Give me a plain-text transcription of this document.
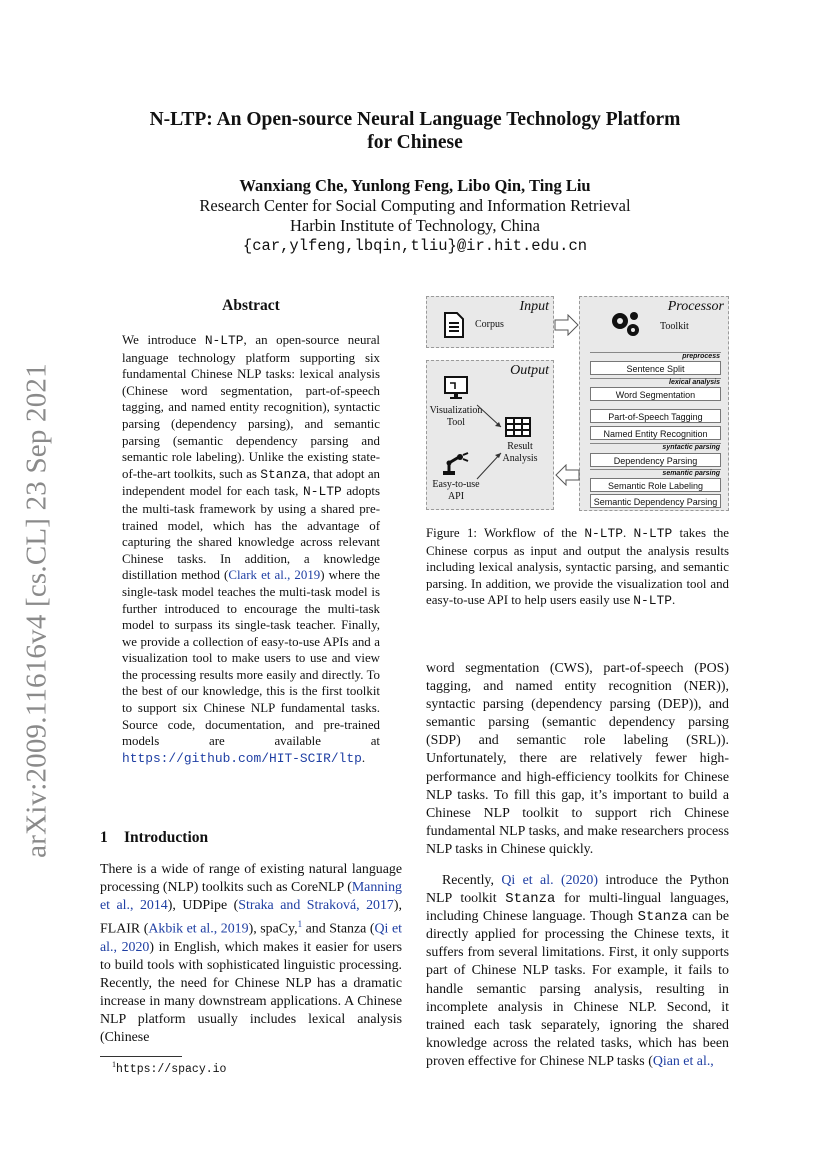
arXiv:2009.11616v4 [cs.CL] 23 Sep 2021
N-LTP: An Open-source Neural Language Technology Platform
for Chinese
Wanxiang Che, Yunlong Feng, Libo Qin, Ting Liu
Research Center for Social Computing and Information Retrieval
Harbin Institute of Technology, China
{car,ylfeng,lbqin,tliu}@ir.hit.edu.cn
Abstract
We introduce N-LTP, an open-source neural language technology platform supporting six fundamental Chinese NLP tasks: lexical analysis (Chinese word segmentation, part-of-speech tagging, and named entity recognition), syntactic parsing (dependency parsing), and semantic parsing (semantic dependency parsing and semantic role labeling). Unlike the existing state-of-the-art toolkits, such as Stanza, that adopt an independent model for each task, N-LTP adopts the multi-task framework by using a shared pre-trained model, which has the advantage of capturing the shared knowledge across relevant Chinese tasks. In addition, a knowledge distillation method (Clark et al., 2019) where the single-task model teaches the multi-task model is further introduced to encourage the multi-task model to surpass its single-task teacher. Finally, we provide a collection of easy-to-use APIs and a visualization tool to make users to use and view the processing results more easily and directly. To the best of our knowledge, this is the first toolkit to support six Chinese NLP fundamental tasks. Source code, documentation, and pre-trained models are available at https://github.com/HIT-SCIR/ltp.
1 Introduction
There is a wide of range of existing natural language processing (NLP) toolkits such as CoreNLP (Manning et al., 2014), UDPipe (Straka and Straková, 2017), FLAIR (Akbik et al., 2019), spaCy,$^1$ and Stanza (Qi et al., 2020) in English, which makes it easier for users to build tools with sophisticated linguistic processing. Recently, the need for Chinese NLP has a dramatic increase in many downstream applications. A Chinese NLP platform usually includes lexical analysis (Chinese
$^1$https://spacy.io
Input
Corpus
Processor
Toolkit
preprocess
Sentence Split
lexical analysis
Word Segmentation
Part-of-Speech Tagging
Named Entity Recognition
syntactic parsing
Dependency Parsing
semantic parsing
Semantic Role Labeling
Semantic Dependency Parsing
Output
Visualization Tool
Result Analysis
Easy-to-use API
Figure 1: Workflow of the N-LTP. N-LTP takes the Chinese corpus as input and output the analysis results including lexical analysis, syntactic parsing, and semantic parsing. In addition, we provide the visualization tool and easy-to-use API to help users easily use N-LTP.
word segmentation (CWS), part-of-speech (POS) tagging, and named entity recognition (NER)), syntactic parsing (dependency parsing (DEP)), and semantic parsing (semantic dependency parsing (SDP) and semantic role labeling (SRL)). Unfortunately, there are relatively fewer high-performance and high-efficiency toolkits for Chinese NLP tasks. To fill this gap, it’s important to build a Chinese NLP toolkit to support rich Chinese fundamental NLP tasks, and make researchers process NLP tasks in Chinese quickly.
Recently, Qi et al. (2020) introduce the Python NLP toolkit Stanza for multi-lingual languages, including Chinese language. Though Stanza can be directly applied for processing the Chinese texts, it suffers from several limitations. First, it only supports part of Chinese NLP tasks. For example, it fails to handle semantic parsing analysis, resulting in incomplete analysis in Chinese NLP. Second, it trained each task separately, ignoring the shared knowledge across the related tasks, which has been proven effective for Chinese NLP tasks (Qian et al.,
